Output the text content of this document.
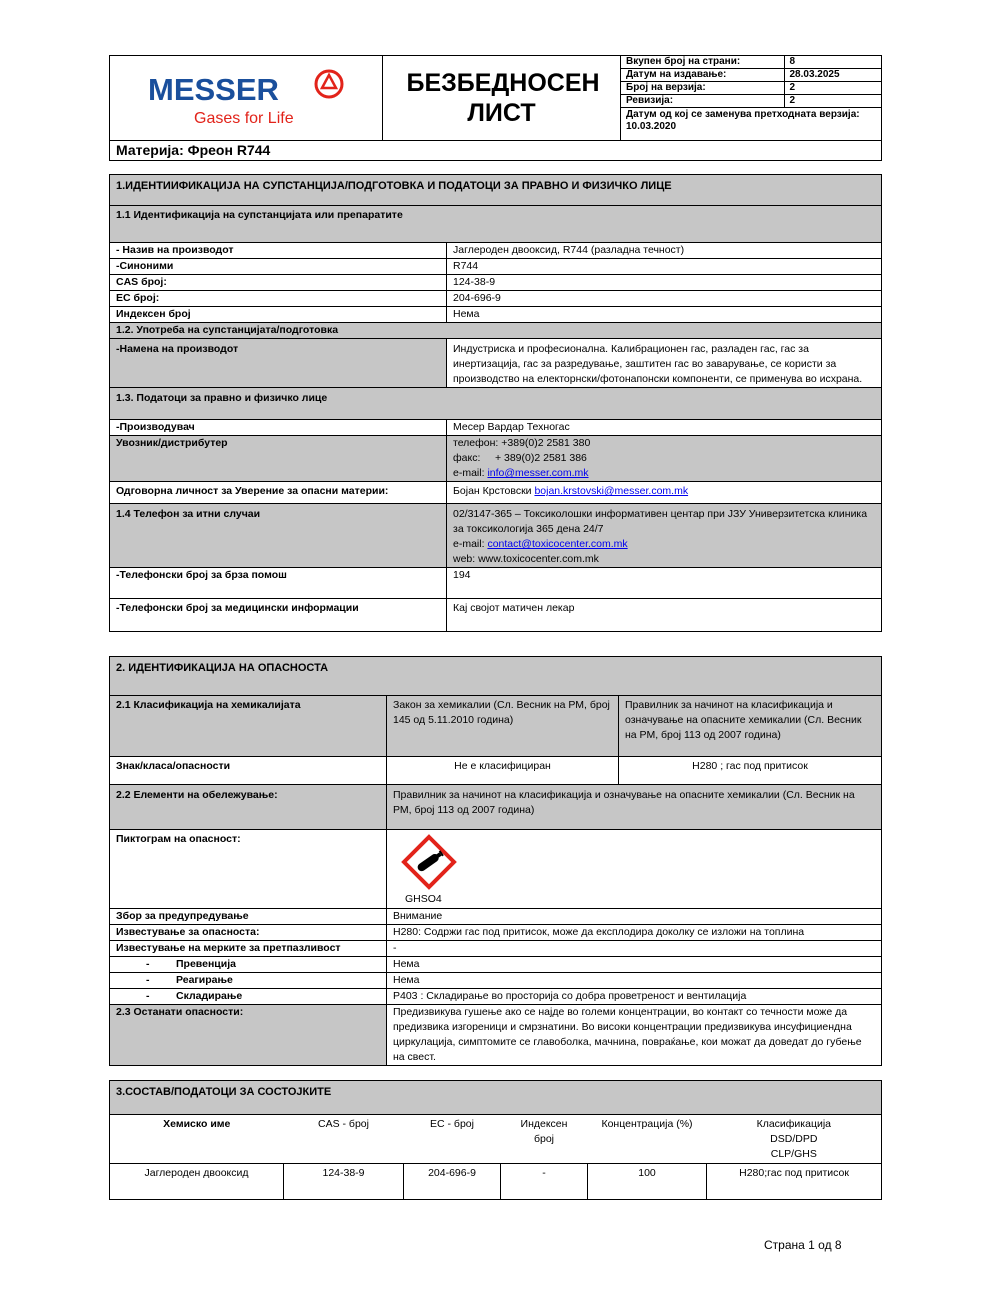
MESSER
Gases for Life
	БЕЗБЕДНОСЕН ЛИСТ	
Вкупен број на страни:	8
Датум на издавање:	28.03.2025
Број на верзија:	2
Ревизија:	2
Датум од кој се заменува претходната верзија: 10.03.2020

Материја: Фреон R744
1.ИДЕНТИИФИКАЦИЈА НА СУПСТАНЦИЈА/ПОДГОТОВКА И ПОДАТОЦИ ЗА ПРАВНО И ФИЗИЧКО ЛИЦЕ	
1.1 Идентификација на супстанцијата или препаратите	
- Назив на производот	Јаглероден двооксид, R744 (разладна течност)
-Синоними	R744
CAS број:	124-38-9
EC број:	204-696-9
Индексен број	Нема
1.2. Употреба на супстанцијата/подготовка	
-Намена на производот	Индустриска и професионална. Калибрационен гас, разладен гас, гас за инертизација, гас за разредување, заштитен гас во заварување, се користи за производство на електорнски/фотонапонски компоненти, се применува во исхрана.
1.3. Податоци за правно и физичко лице	
-Производувач	Месер Вардар Техногас
Увозник/дистрибутер	телефон: +389(0)2 2581 380
факс:     + 389(0)2 2581 386
e-mail: info@messer.com.mk

Одговорна личност за Уверение за опасни материи:	Бојан Крстовски bojan.krstovski@messer.com.mk
1.4 Телефон за итни случаи	02/3147-365 – Токсиколошки информативен центар при ЈЗУ Универзитетска клиника за токсикологија 365 дена 24/7
e-mail: contact@toxicocenter.com.mk
web: www.toxicocenter.com.mk

-Телефонски број за брза помош	194
-Телефонски број за медицински информации	Кај својот матичен лекар
2. ИДЕНТИФИКАЦИЈА НА ОПАСНОСТА		
2.1 Класификација на хемикалијата	Закон за хемикалии (Сл. Весник на РМ, број 145 од 5.11.2010 година)	Правилник за начинот на класификација и означување на опасните хемикалии (Сл. Весник на РМ, број 113 од 2007 година)
Знак/класа/опасности	Не е класифициран	H280 ; гас под притисок
2.2 Елементи на обележување:	Правилник за начинот на класификација и означување на опасните хемикалии (Сл. Весник на РМ, број 113 од 2007 година)	
Пиктограм на опасност:	GHSO4	

Збор за предупредување	Внимание	
Известување за опасноста:	H280: Содржи гас под притисок, може да експлодира доколку се изложи на топлина	
Известување на мерките за претпазливост	-	
- Превенција	Нема	
- Реагирање	Нема	
- Складирање	P403 : Складирање во просторија со добра проветреност и вентилација	
2.3 Останати опасности:	Предизвикува гушење ако се најде во големи концентрации, во контакт со течности може да предизвика изгореници и смрзнатини. Во високи концентрации предизвикува инсуфициендна циркулација, симптомите се главоболка, мачнина, повраќање, кои можат да доведат до губење на свест.	
3.СОСТАВ/ПОДАТОЦИ ЗА СОСТОЈКИТЕ					
Хемиско име	CAS - број	EC - број	Индексен број	Концентрација (%)	Класификација
DSD/DPD
CLP/GHS

Јаглероден двооксид	124-38-9	204-696-9	-	100	H280;гас под притисок
Страна 1 од 8
